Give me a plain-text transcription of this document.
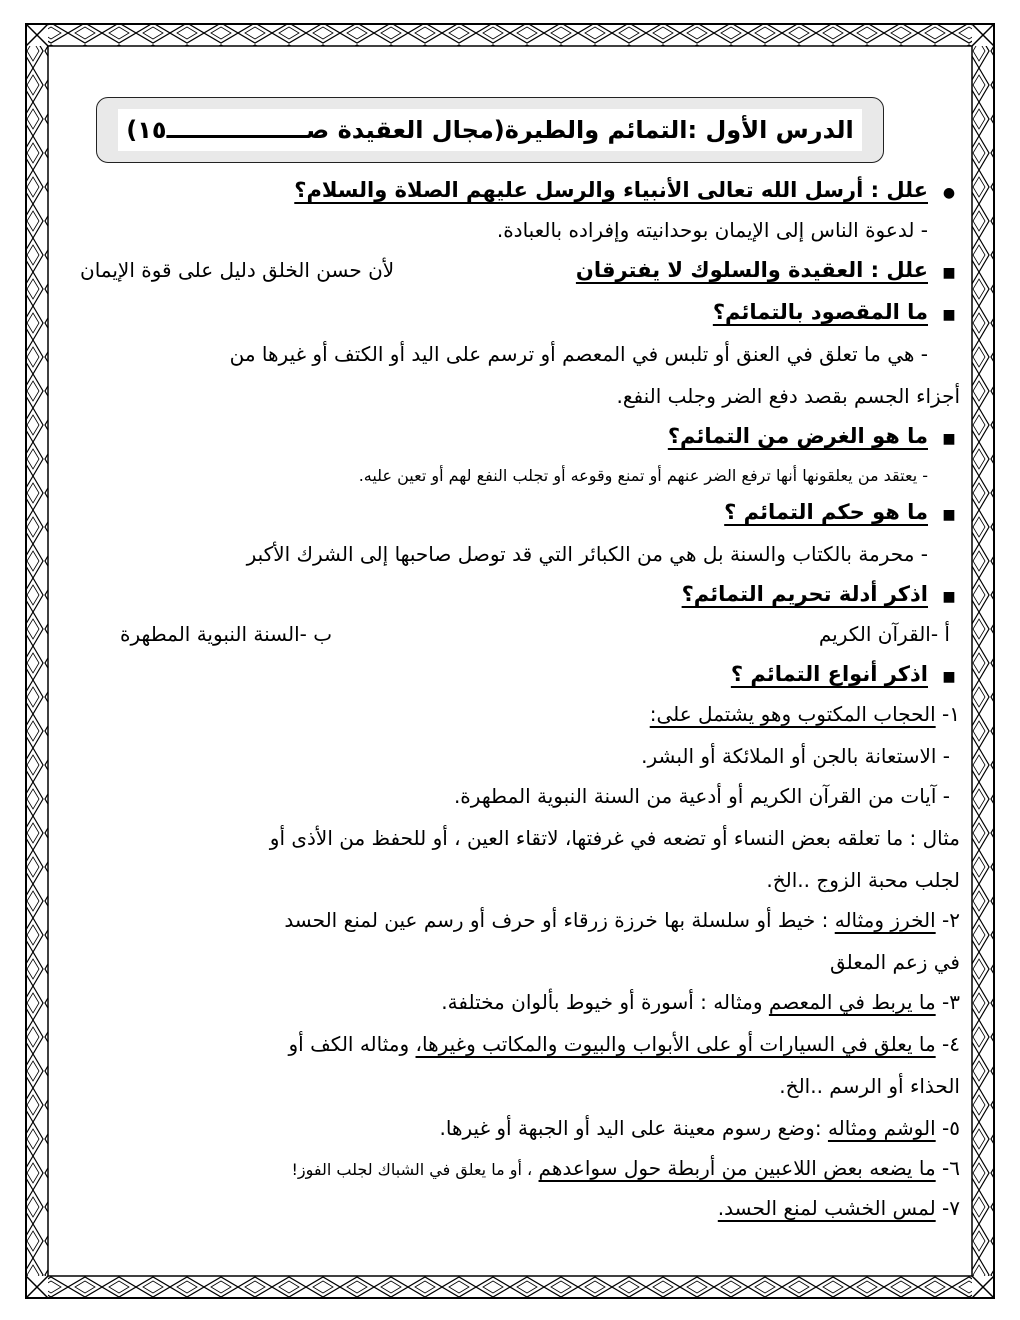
الدرس الأول :التمائم والطيرة(مجال العقيدة صـــــــــــــــــ١٥)
●علل : أرسل الله تعالى الأنبياء والرسل عليهم الصلاة والسلام؟
- لدعوة الناس إلى الإيمان بوحدانيته وإفراده بالعبادة.
■علل : العقيدة والسلوك لا يفترقان
لأن حسن الخلق دليل على قوة الإيمان
■ما المقصود بالتمائم؟
- هي ما تعلق في العنق أو تلبس في المعصم أو ترسم على اليد أو الكتف أو غيرها من
أجزاء الجسم بقصد دفع الضر وجلب النفع.
■ما هو الغرض من التمائم؟
- يعتقد من يعلقونها أنها ترفع الضر عنهم أو تمنع وقوعه أو تجلب النفع لهم أو تعين عليه.
■ما هو حكم التمائم ؟
- محرمة بالكتاب والسنة بل هي من الكبائر التي قد توصل صاحبها إلى الشرك الأكبر
■اذكر أدلة تحريم التمائم؟
أ -القرآن الكريم
ب -السنة النبوية المطهرة
■اذكر أنواع التمائم ؟
١- الحجاب المكتوب وهو يشتمل على:
- الاستعانة بالجن أو الملائكة أو البشر.
- آيات من القرآن الكريم أو أدعية من السنة النبوية المطهرة.
مثال : ما تعلقه بعض النساء أو تضعه في غرفتها، لاتقاء العين ، أو للحفظ من الأذى أو
لجلب محبة الزوج ..الخ.
٢- الخرز ومثاله : خيط أو سلسلة بها خرزة زرقاء أو حرف أو رسم عين لمنع الحسد
في زعم المعلق
٣- ما يربط في المعصم ومثاله : أسورة أو خيوط بألوان مختلفة.
٤- ما يعلق في السيارات أو على الأبواب والبيوت والمكاتب وغيرها، ومثاله الكف أو
الحذاء أو الرسم ..الخ.
٥- الوشم ومثاله :وضع رسوم معينة على اليد أو الجبهة أو غيرها.
٦- ما يضعه بعض اللاعبين من أربطة حول سواعدهم ، أو ما يعلق في الشباك لجلب الفوز!
٧- لمس الخشب لمنع الحسد.
